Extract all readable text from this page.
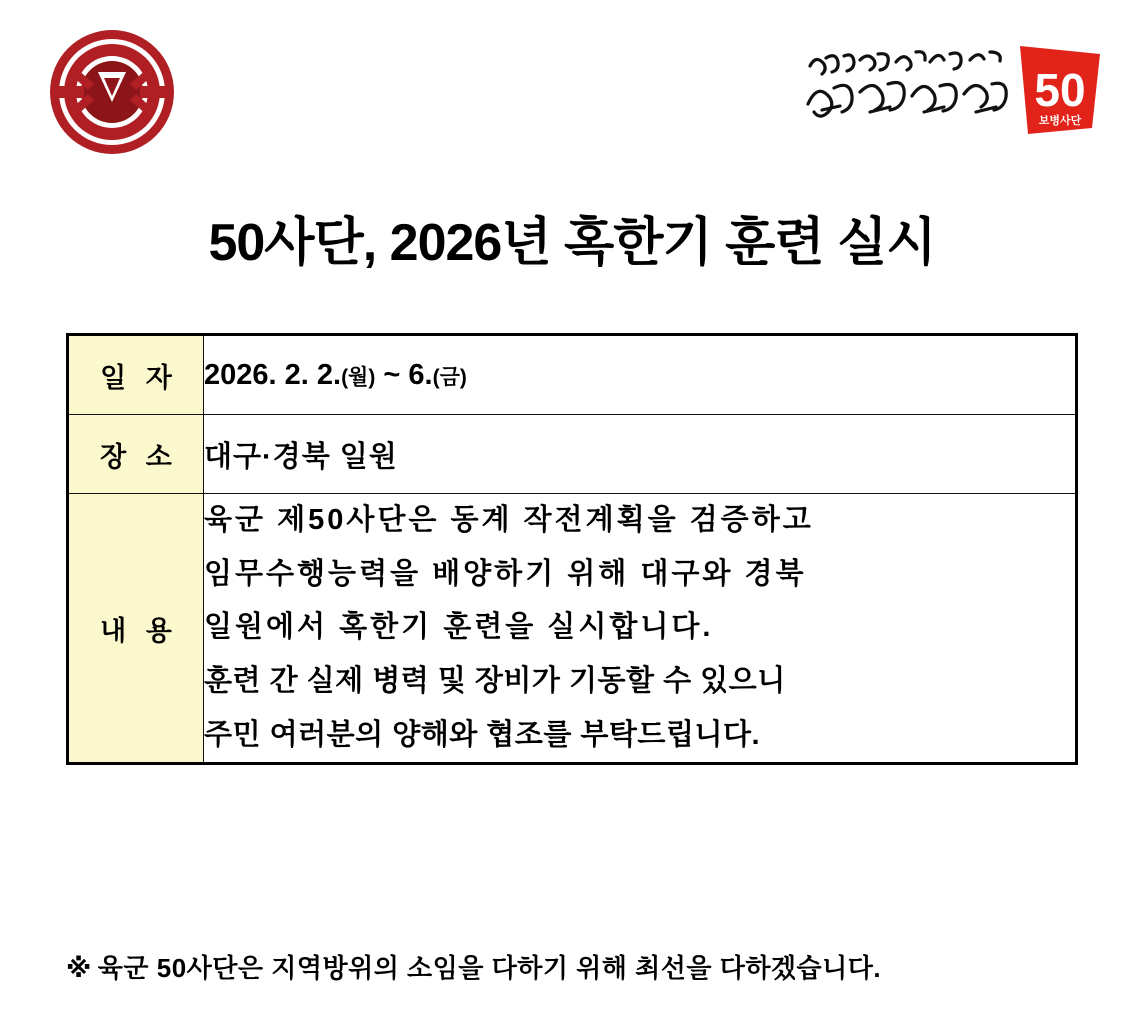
50
보병사단
50사단, 2026년 혹한기 훈련 실시
일 자	2026. 2. 2.(월) ~ 6.(금)
장 소	대구·경북 일원
내 용	육군 제50사단은 동계 작전계획을 검증하고

임무수행능력을 배양하기 위해 대구와 경북

일원에서 혹한기 훈련을 실시합니다.

훈련 간 실제 병력 및 장비가 기동할 수 있으니

주민 여러분의 양해와 협조를 부탁드립니다.

※ 육군 50사단은 지역방위의 소임을 다하기 위해 최선을 다하겠습니다.
